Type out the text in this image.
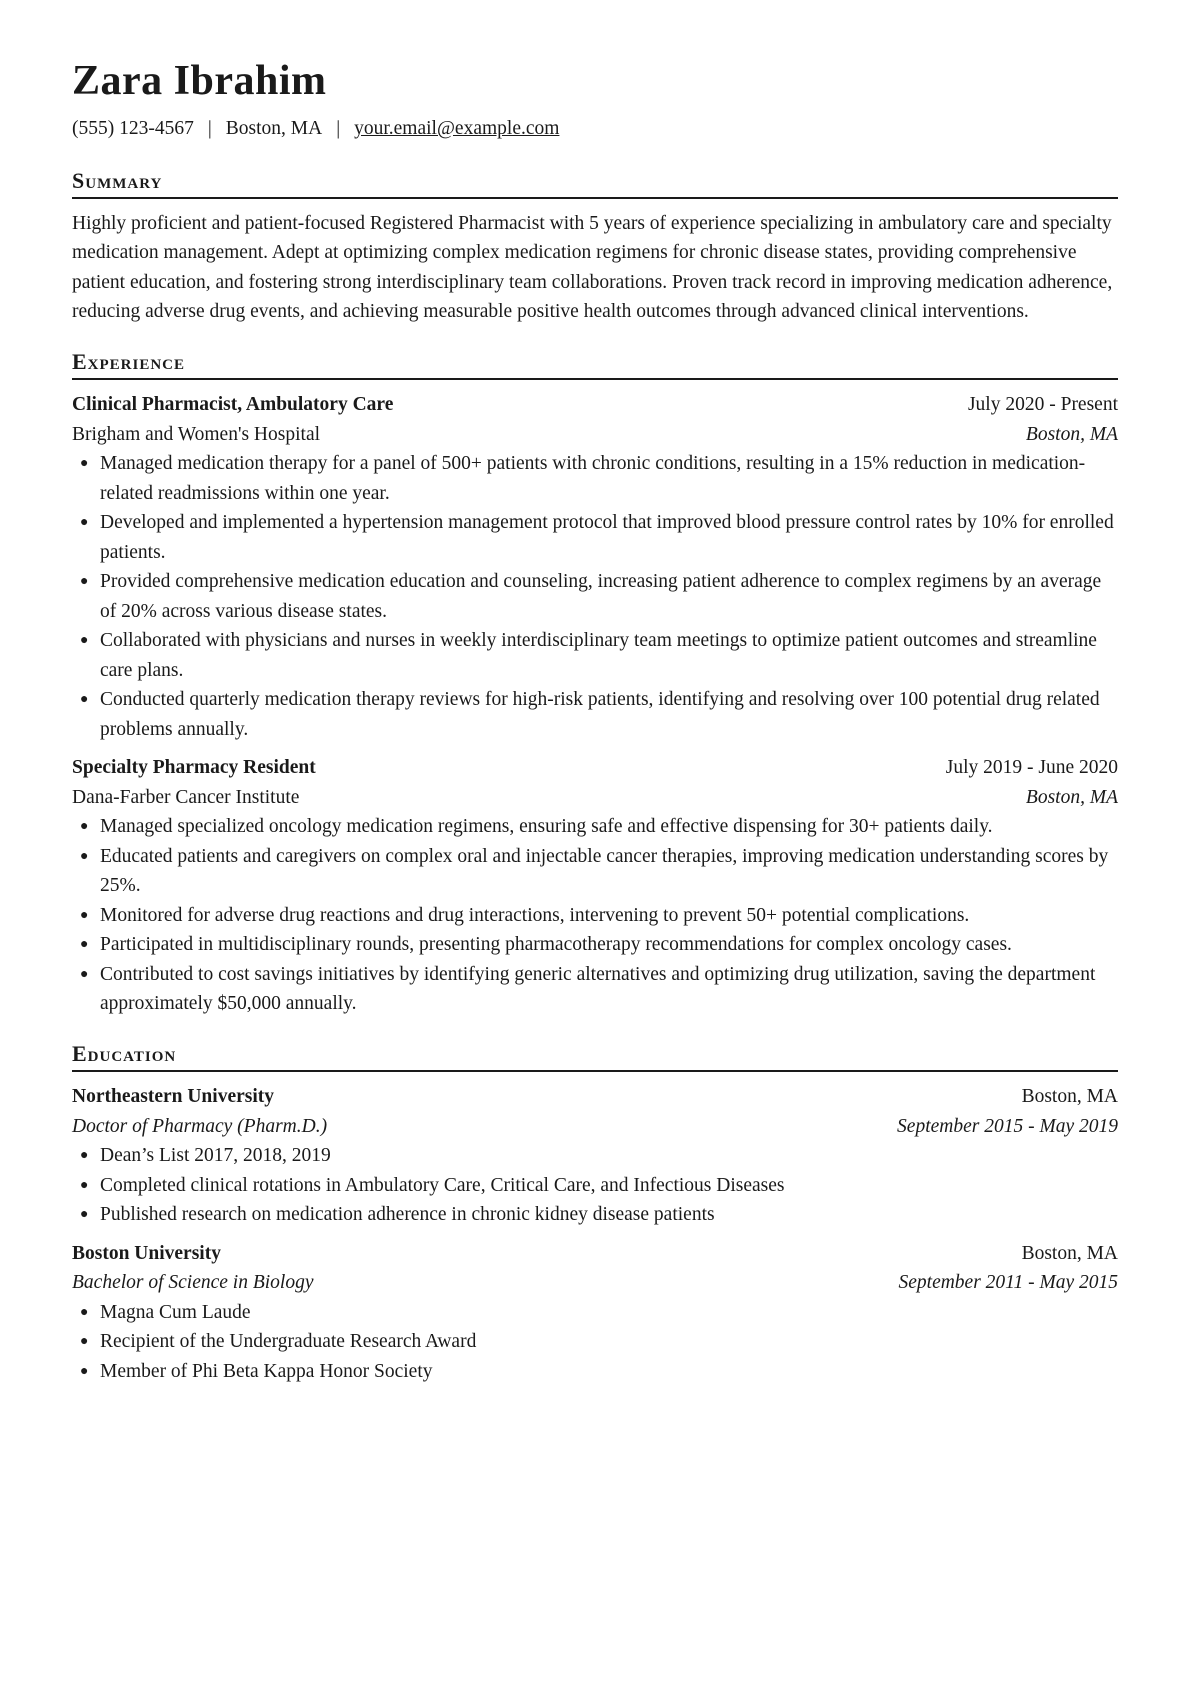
Zara Ibrahim
(555) 123-4567 | Boston, MA | your.email@example.com
Summary

Highly proficient and patient-focused Registered Pharmacist with 5 years of experience specializing in ambulatory care and specialty medication management. Adept at optimizing complex medication regimens for chronic disease states, providing comprehensive patient education, and fostering strong interdisciplinary team collaborations. Proven track record in improving medication adherence, reducing adverse drug events, and achieving measurable positive health outcomes through advanced clinical interventions.

Experience
Clinical Pharmacist, Ambulatory Care	July 2020 - Present
Brigham and Women's Hospital	Boston, MA
● Managed medication therapy for a panel of 500+ patients with chronic conditions, resulting in a 15% reduction in medication-related readmissions within one year.
● Developed and implemented a hypertension management protocol that improved blood pressure control rates by 10% for enrolled patients.
● Provided comprehensive medication education and counseling, increasing patient adherence to complex regimens by an average of 20% across various disease states.
● Collaborated with physicians and nurses in weekly interdisciplinary team meetings to optimize patient outcomes and streamline care plans.
● Conducted quarterly medication therapy reviews for high-risk patients, identifying and resolving over 100 potential drug related problems annually.
Specialty Pharmacy Resident	July 2019 - June 2020
Dana-Farber Cancer Institute	Boston, MA
● Managed specialized oncology medication regimens, ensuring safe and effective dispensing for 30+ patients daily.
● Educated patients and caregivers on complex oral and injectable cancer therapies, improving medication understanding scores by 25%.
● Monitored for adverse drug reactions and drug interactions, intervening to prevent 50+ potential complications.
● Participated in multidisciplinary rounds, presenting pharmacotherapy recommendations for complex oncology cases.
● Contributed to cost savings initiatives by identifying generic alternatives and optimizing drug utilization, saving the department approximately $50,000 annually.
Education
Northeastern University	Boston, MA
Doctor of Pharmacy (Pharm.D.)	September 2015 - May 2019
● Dean’s List 2017, 2018, 2019
● Completed clinical rotations in Ambulatory Care, Critical Care, and Infectious Diseases
● Published research on medication adherence in chronic kidney disease patients
Boston University	Boston, MA
Bachelor of Science in Biology	September 2011 - May 2015
● Magna Cum Laude
● Recipient of the Undergraduate Research Award
● Member of Phi Beta Kappa Honor Society
